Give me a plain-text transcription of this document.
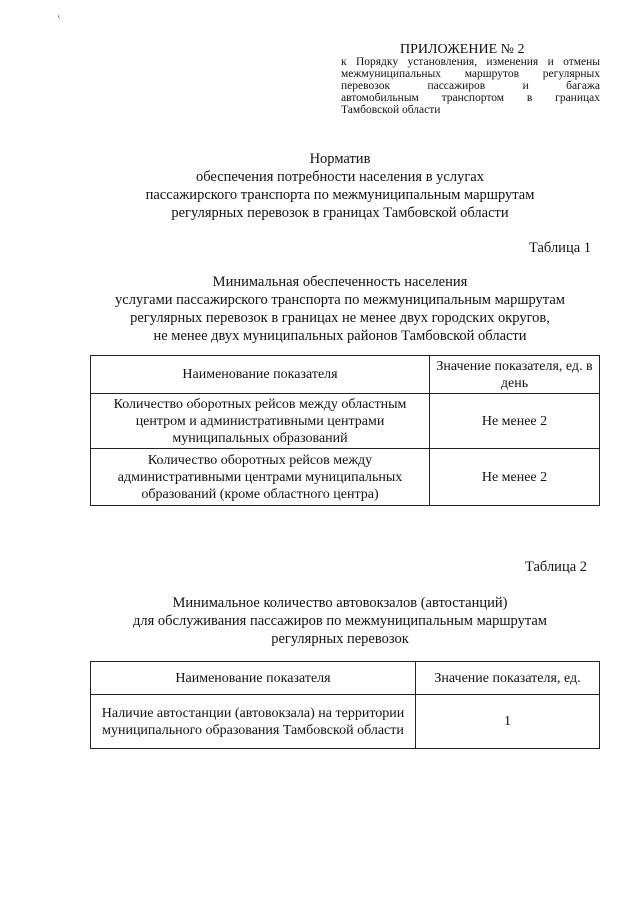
‹
ПРИЛОЖЕНИЕ № 2
к Порядку установления, изменения и отмены
межмуниципальных маршрутов регулярных
перевозок пассажиров и багажа
автомобильным транспортом в границах
Тамбовской области
Норматив
обеспечения потребности населения в услугах
пассажирского транспорта по межмуниципальным маршрутам
регулярных перевозок в границах Тамбовской области
Таблица 1
Минимальная обеспеченность населения
услугами пассажирского транспорта по межмуниципальным маршрутам
регулярных перевозок в границах не менее двух городских округов,
не менее двух муниципальных районов Тамбовской области
Наименование показателя	Значение показателя, ед. в день
Количество оборотных рейсов между областным центром и административными центрами муниципальных образований	Не менее 2
Количество оборотных рейсов между административными центрами муниципальных образований (кроме областного центра)	Не менее 2
Таблица 2
Минимальное количество автовокзалов (автостанций)
для обслуживания пассажиров по межмуниципальным маршрутам
регулярных перевозок
Наименование показателя	Значение показателя, ед.
Наличие автостанции (автовокзала) на территории муниципального образования Тамбовской области	1
